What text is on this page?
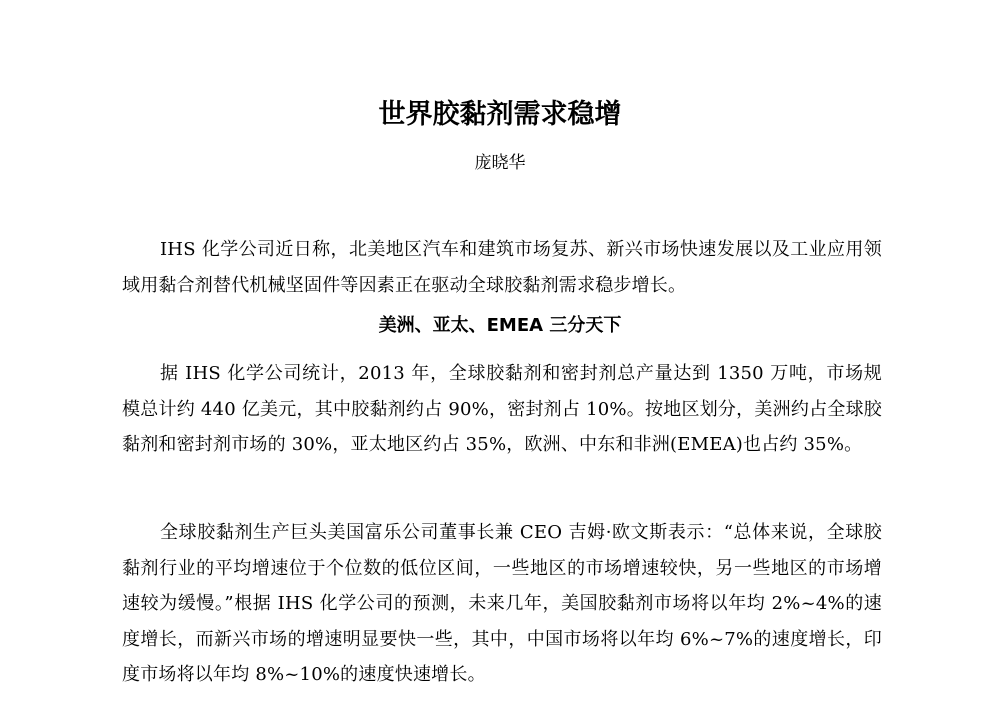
世界胶黏剂需求稳增
庞晓华

IHS 化学公司近日称，北美地区汽车和建筑市场复苏、新兴市场快速发展以及工业应用领域用黏合剂替代机械坚固件等因素正在驱动全球胶黏剂需求稳步增长。

美洲、亚太、EMEA 三分天下

据 IHS 化学公司统计，2013 年，全球胶黏剂和密封剂总产量达到 1350 万吨，市场规模总计约 440 亿美元，其中胶黏剂约占 90%，密封剂占 10%。按地区划分，美洲约占全球胶黏剂和密封剂市场的 30%，亚太地区约占 35%，欧洲、中东和非洲(EMEA)也占约 35%。

全球胶黏剂生产巨头美国富乐公司董事长兼 CEO 吉姆·欧文斯表示：“总体来说，全球胶黏剂行业的平均增速位于个位数的低位区间，一些地区的市场增速较快，另一些地区的市场增速较为缓慢。”根据 IHS 化学公司的预测，未来几年，美国胶黏剂市场将以年均 2%~4%的速度增长，而新兴市场的增速明显要快一些，其中，中国市场将以年均 6%~7%的速度增长，印度市场将以年均 8%~10%的速度快速增长。
